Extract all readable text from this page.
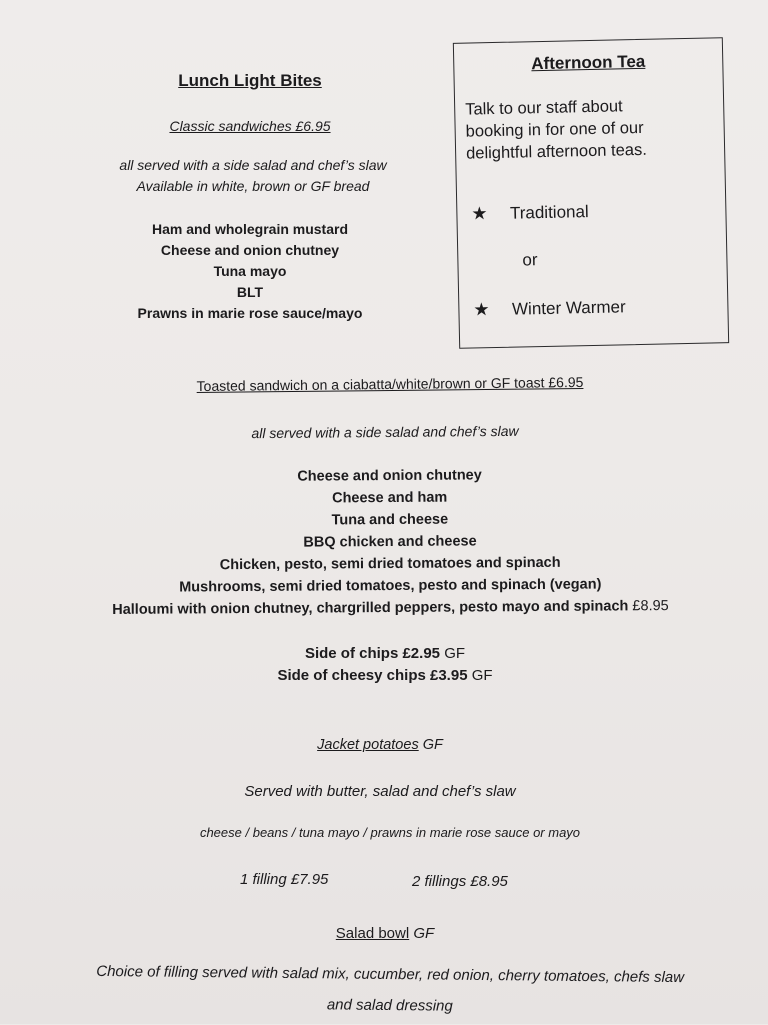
Lunch Light Bites
Classic sandwiches £6.95
all served with a side salad and chef’s slaw
Available in white, brown or GF bread
Ham and wholegrain mustard
Cheese and onion chutney
Tuna mayo
BLT
Prawns in marie rose sauce/mayo
Afternoon Tea
Talk to our staff about
booking in for one of our
delightful afternoon teas.
★ Traditional
or
★ Winter Warmer
Toasted sandwich on a ciabatta/white/brown or GF toast £6.95
all served with a side salad and chef’s slaw
Cheese and onion chutney
Cheese and ham
Tuna and cheese
BBQ chicken and cheese
Chicken, pesto, semi dried tomatoes and spinach
Mushrooms, semi dried tomatoes, pesto and spinach (vegan)
Halloumi with onion chutney, chargrilled peppers, pesto mayo and spinach £8.95
Side of chips £2.95 GF
Side of cheesy chips £3.95 GF
Jacket potatoes GF
Served with butter, salad and chef’s slaw
cheese / beans / tuna mayo / prawns in marie rose sauce or mayo
1 filling £7.95	2 fillings £8.95
Salad bowl GF
Choice of filling served with salad mix, cucumber, red onion, cherry tomatoes, chefs slaw
and salad dressing
